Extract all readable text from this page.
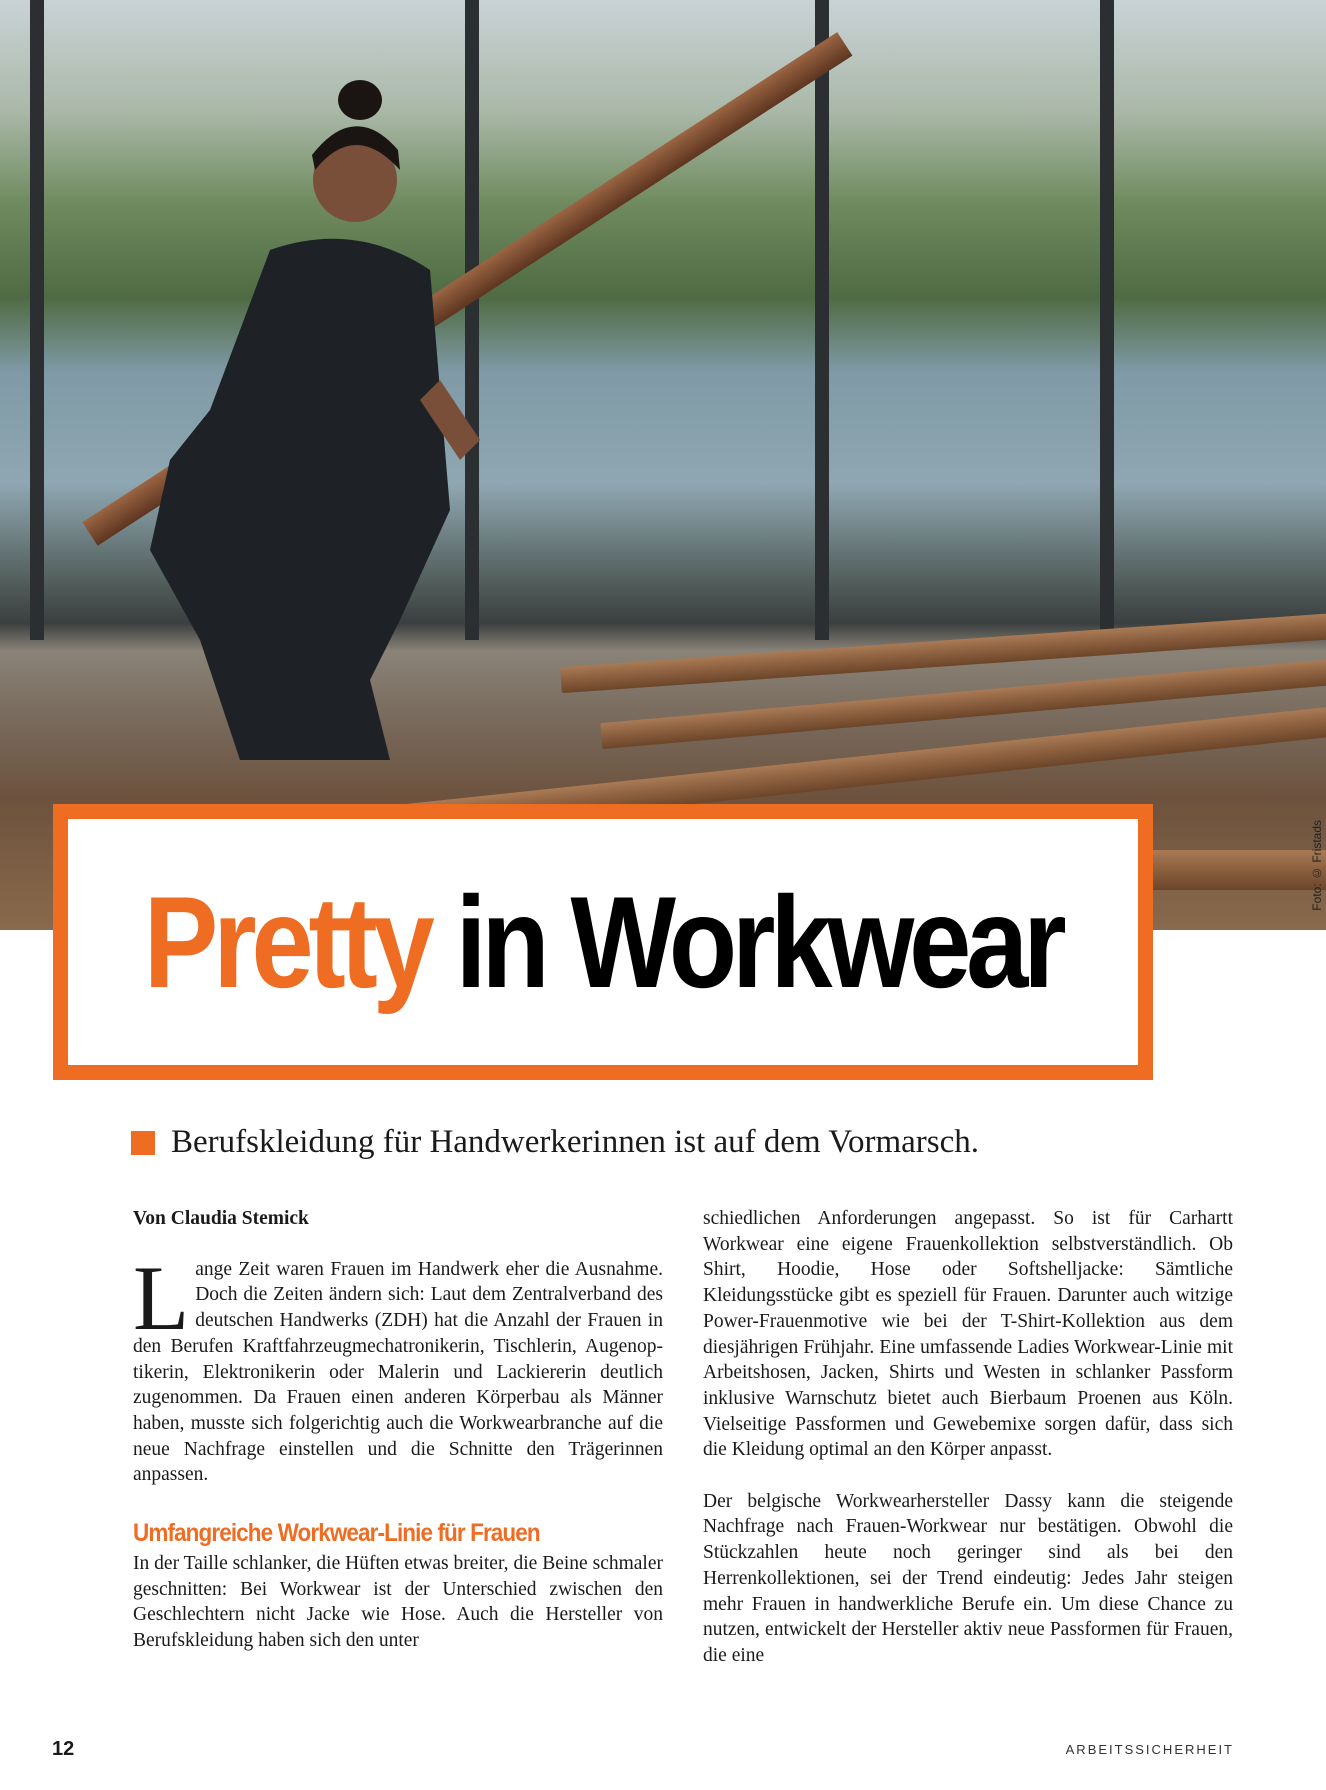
Foto: © Fristads
Pretty in Workwear
Berufskleidung für Handwerkerinnen ist auf dem Vormarsch.
Von Claudia Stemick

Lange Zeit waren Frauen im Handwerk eher die Ausnahme. Doch die Zeiten ändern sich: Laut dem Zentralverband des deutschen Handwerks (ZDH) hat die Anzahl der Frauen in den Berufen Kraftfahrzeugmechatronikerin, Tischlerin, Augenoptikerin, Elektronikerin oder Malerin und Lackiererin deutlich zugenommen. Da Frauen einen anderen Körperbau als Männer haben, musste sich folgerichtig auch die Workwearbranche auf die neue Nachfrage einstellen und die Schnitte den Trägerinnen anpassen.

Umfangreiche Workwear-Linie für Frauen

In der Taille schlanker, die Hüften etwas breiter, die Beine schmaler geschnitten: Bei Workwear ist der Unterschied zwischen den Geschlechtern nicht Jacke wie Hose. Auch die Hersteller von Berufskleidung haben sich den unter

schiedlichen Anforderungen angepasst. So ist für Carhartt Workwear eine eigene Frauenkollektion selbstverständlich. Ob Shirt, Hoodie, Hose oder Softshelljacke: Sämtliche Kleidungsstücke gibt es speziell für Frauen. Darunter auch witzige Power-Frauenmotive wie bei der T-Shirt-Kollektion aus dem diesjährigen Frühjahr. Eine umfassende Ladies Workwear-Linie mit Arbeitshosen, Jacken, Shirts und Westen in schlanker Passform inklusive Warnschutz bietet auch Bierbaum Proenen aus Köln. Vielseitige Passformen und Gewebemixe sorgen dafür, dass sich die Kleidung optimal an den Körper anpasst.

Der belgische Workwearhersteller Dassy kann die steigende Nachfrage nach Frauen-Workwear nur bestätigen. Obwohl die Stückzahlen heute noch geringer sind als bei den Herrenkollektionen, sei der Trend eindeutig: Jedes Jahr steigen mehr Frauen in handwerkliche Berufe ein. Um diese Chance zu nutzen, entwickelt der Hersteller aktiv neue Passformen für Frauen, die eine

12	ARBEITSSICHERHEIT
